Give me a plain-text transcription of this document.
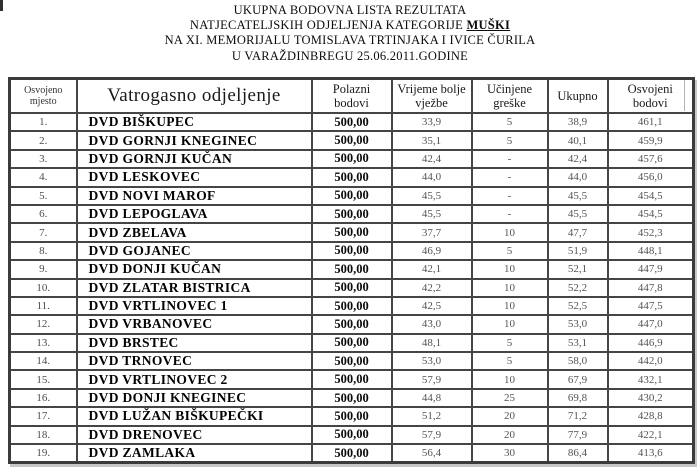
UKUPNA BODOVNA LISTA REZULTATA
NATJECATELJSKIH ODJELJENJA KATEGORIJE MUŠKI
NA XI. MEMORIJALU TOMISLAVA TRTINJAKA I IVICE ČURILA
U VARAŽDINBREGU 25.06.2011.GODINE
Osvojeno mjesto	Vatrogasno odjeljenje	Polazni bodovi	Vrijeme bolje vježbe	Učinjene greške	Ukupno	Osvojeni bodovi
1.	DVD BIŠKUPEC	500,00	33,9	5	38,9	461,1
2.	DVD GORNJI KNEGINEC	500,00	35,1	5	40,1	459,9
3.	DVD GORNJI KUČAN	500,00	42,4	-	42,4	457,6
4.	DVD LESKOVEC	500,00	44,0	-	44,0	456,0
5.	DVD NOVI MAROF	500,00	45,5	-	45,5	454,5
6.	DVD LEPOGLAVA	500,00	45,5	-	45,5	454,5
7.	DVD ZBELAVA	500,00	37,7	10	47,7	452,3
8.	DVD GOJANEC	500,00	46,9	5	51,9	448,1
9.	DVD DONJI KUČAN	500,00	42,1	10	52,1	447,9
10.	DVD ZLATAR BISTRICA	500,00	42,2	10	52,2	447,8
11.	DVD VRTLINOVEC 1	500,00	42,5	10	52,5	447,5
12.	DVD VRBANOVEC	500,00	43,0	10	53,0	447,0
13.	DVD BRSTEC	500,00	48,1	5	53,1	446,9
14.	DVD TRNOVEC	500,00	53,0	5	58,0	442,0
15.	DVD VRTLINOVEC 2	500,00	57,9	10	67,9	432,1
16.	DVD DONJI KNEGINEC	500,00	44,8	25	69,8	430,2
17.	DVD LUŽAN BIŠKUPEČKI	500,00	51,2	20	71,2	428,8
18.	DVD DRENOVEC	500,00	57,9	20	77,9	422,1
19.	DVD ZAMLAKA	500,00	56,4	30	86,4	413,6
